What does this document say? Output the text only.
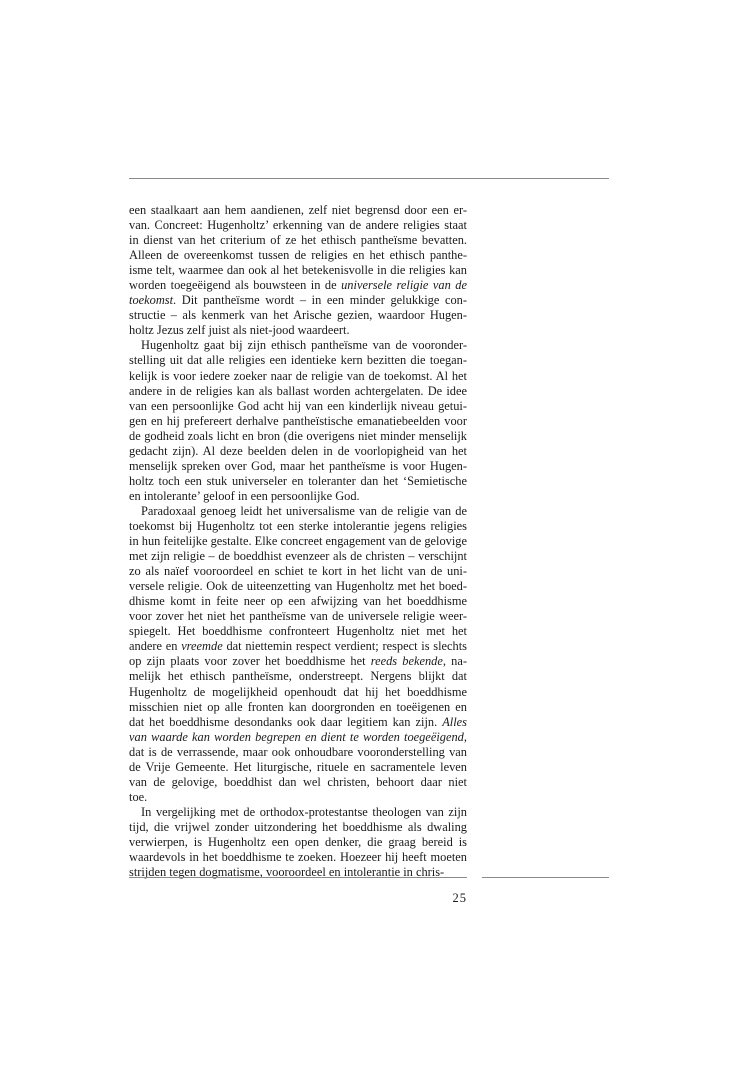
een staalkaart aan hem aandienen, zelf niet begrensd door een er-
van. Concreet: Hugenholtz’ erkenning van de andere religies staat
in dienst van het criterium of ze het ethisch pantheïsme bevatten.
Alleen de overeenkomst tussen de religies en het ethisch panthe-
isme telt, waarmee dan ook al het betekenisvolle in die religies kan
worden toegeëigend als bouwsteen in de universele religie van de
toekomst. Dit pantheïsme wordt – in een minder gelukkige con-
structie – als kenmerk van het Arische gezien, waardoor Hugen-
holtz Jezus zelf juist als niet-jood waardeert.
Hugenholtz gaat bij zijn ethisch pantheïsme van de vooronder-
stelling uit dat alle religies een identieke kern bezitten die toegan-
kelijk is voor iedere zoeker naar de religie van de toekomst. Al het
andere in de religies kan als ballast worden achtergelaten. De idee
van een persoonlijke God acht hij van een kinderlijk niveau getui-
gen en hij prefereert derhalve pantheïstische emanatiebeelden voor
de godheid zoals licht en bron (die overigens niet minder menselijk
gedacht zijn). Al deze beelden delen in de voorlopigheid van het
menselijk spreken over God, maar het pantheïsme is voor Hugen-
holtz toch een stuk universeler en toleranter dan het ‘Semietische
en intolerante’ geloof in een persoonlijke God.
Paradoxaal genoeg leidt het universalisme van de religie van de
toekomst bij Hugenholtz tot een sterke intolerantie jegens religies
in hun feitelijke gestalte. Elke concreet engagement van de gelovige
met zijn religie – de boeddhist evenzeer als de christen – verschijnt
zo als naïef vooroordeel en schiet te kort in het licht van de uni-
versele religie. Ook de uiteenzetting van Hugenholtz met het boed-
dhisme komt in feite neer op een afwijzing van het boeddhisme
voor zover het niet het pantheïsme van de universele religie weer-
spiegelt. Het boeddhisme confronteert Hugenholtz niet met het
andere en vreemde dat niettemin respect verdient; respect is slechts
op zijn plaats voor zover het boeddhisme het reeds bekende, na-
melijk het ethisch pantheïsme, onderstreept. Nergens blijkt dat
Hugenholtz de mogelijkheid openhoudt dat hij het boeddhisme
misschien niet op alle fronten kan doorgronden en toeëigenen en
dat het boeddhisme desondanks ook daar legitiem kan zijn. Alles
van waarde kan worden begrepen en dient te worden toegeëigend,
dat is de verrassende, maar ook onhoudbare vooronderstelling van
de Vrije Gemeente. Het liturgische, rituele en sacramentele leven
van de gelovige, boeddhist dan wel christen, behoort daar niet
toe.
In vergelijking met de orthodox-protestantse theologen van zijn
tijd, die vrijwel zonder uitzondering het boeddhisme als dwaling
verwierpen, is Hugenholtz een open denker, die graag bereid is
waardevols in het boeddhisme te zoeken. Hoezeer hij heeft moeten
strijden tegen dogmatisme, vooroordeel en intolerantie in chris-
25
